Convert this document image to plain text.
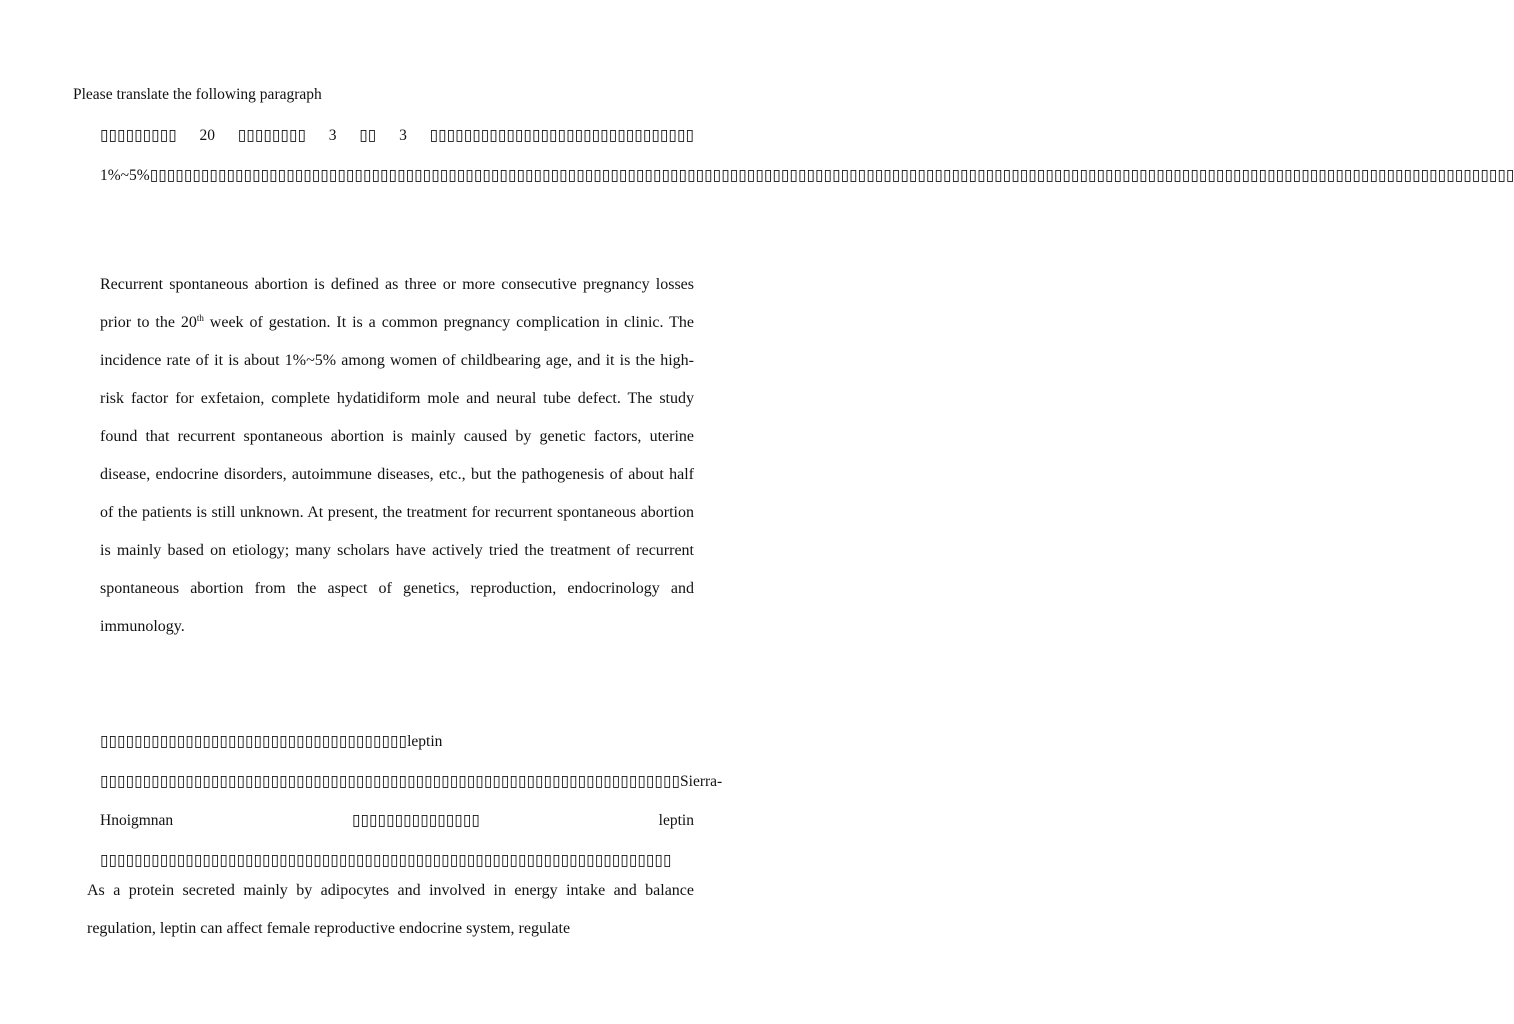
Please translate the following paragraph

▯▯▯▯▯▯▯▯▯ 20 ▯▯▯▯▯▯▯▯ 3 ▯▯ 3 ▯▯▯▯▯▯▯▯▯▯▯▯▯▯▯▯▯▯▯▯▯▯▯▯▯▯▯▯▯▯▯ 1%~5%▯▯▯▯▯▯▯▯▯▯▯▯▯▯▯▯▯▯▯▯▯▯▯▯▯▯▯▯▯▯▯▯▯▯▯▯▯▯▯▯▯▯▯▯▯▯▯▯▯▯▯▯▯▯▯▯▯▯▯▯▯▯▯▯▯▯▯▯▯▯▯▯▯▯▯▯▯▯▯▯▯▯▯▯▯▯▯▯▯▯▯▯▯▯▯▯▯▯▯▯▯▯▯▯▯▯▯▯▯▯▯▯▯▯▯▯▯▯▯▯▯▯▯▯▯▯▯▯▯▯▯▯▯▯▯▯▯▯▯▯▯▯▯▯▯▯▯▯▯▯▯▯▯▯▯▯▯▯▯▯

Recurrent spontaneous abortion is defined as three or more consecutive pregnancy losses prior to the 20th week of gestation. It is a common pregnancy complication in clinic. The incidence rate of it is about 1%~5% among women of childbearing age, and it is the high-risk factor for exfetaion, complete hydatidiform mole and neural tube defect. The study found that recurrent spontaneous abortion is mainly caused by genetic factors, uterine disease, endocrine disorders, autoimmune diseases, etc., but the pathogenesis of about half of the patients is still unknown. At present, the treatment for recurrent spontaneous abortion is mainly based on etiology; many scholars have actively tried the treatment of recurrent spontaneous abortion from the aspect of genetics, reproduction, endocrinology and immunology.

▯▯▯▯▯▯▯▯▯▯▯▯▯▯▯▯▯▯▯▯▯▯▯▯▯▯▯▯▯▯▯▯▯▯▯▯leptin ▯▯▯▯▯▯▯▯▯▯▯▯▯▯▯▯▯▯▯▯▯▯▯▯▯▯▯▯▯▯▯▯▯▯▯▯▯▯▯▯▯▯▯▯▯▯▯▯▯▯▯▯▯▯▯▯▯▯▯▯▯▯▯▯▯▯▯▯Sierra-Hnoigmnan	▯▯▯▯▯▯▯▯▯▯▯▯▯▯▯	leptin ▯▯▯▯▯▯▯▯▯▯▯▯▯▯▯▯▯▯▯▯▯▯▯▯▯▯▯▯▯▯▯▯▯▯▯▯▯▯▯▯▯▯▯▯▯▯▯▯▯▯▯▯▯▯▯▯▯▯▯▯▯▯▯▯▯▯▯

As a protein secreted mainly by adipocytes and involved in energy intake and balance regulation, leptin can affect female reproductive endocrine system, regulate
